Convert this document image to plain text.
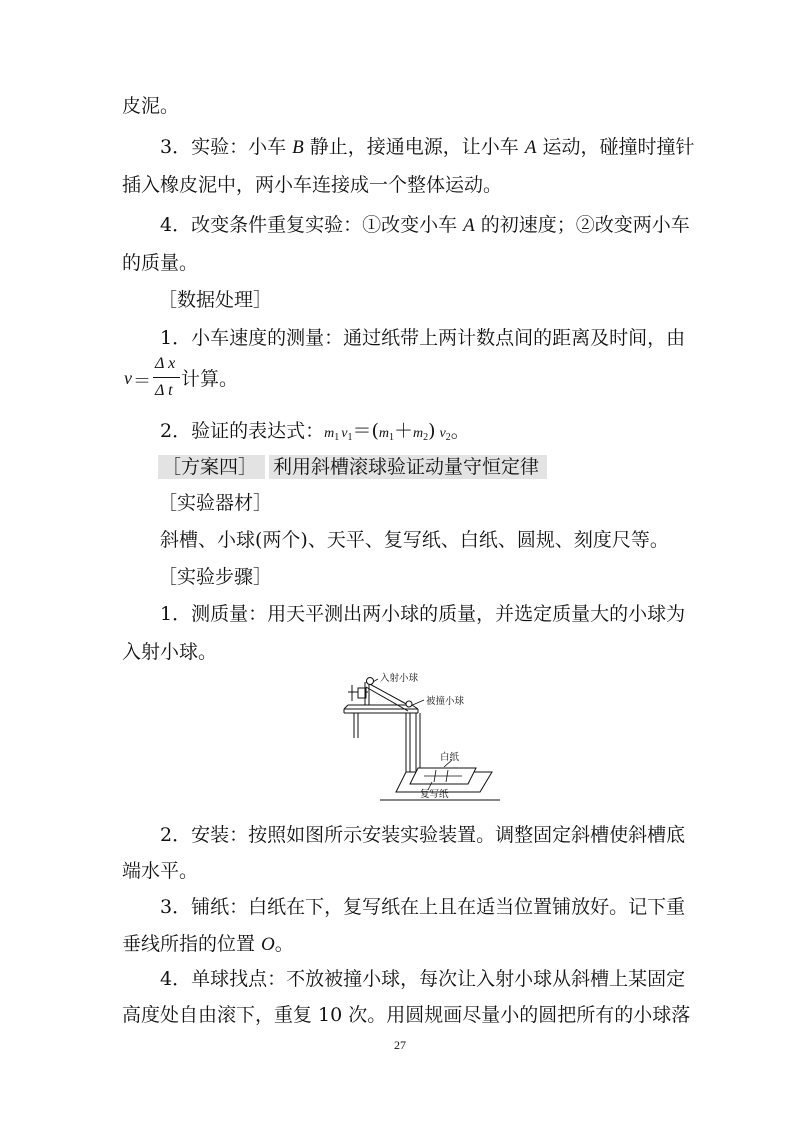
皮泥。
3．实验：小车 B 静止，接通电源，让小车 A 运动，碰撞时撞针
插入橡皮泥中，两小车连接成一个整体运动。
4．改变条件重复实验：①改变小车 A 的初速度；②改变两小车
的质量。
［数据处理］
1．小车速度的测量：通过纸带上两计数点间的距离及时间，由
v ＝
Δ x
Δ t
计算。
2．验证的表达式：$m_1$ $v_1=(m_1+m_2)$ $v_2$。
［方案四］ 利用斜槽滚球验证动量守恒定律
［实验器材］
斜槽、小球(两个)、天平、复写纸、白纸、圆规、刻度尺等。
［实验步骤］
1．测质量：用天平测出两小球的质量，并选定质量大的小球为
入射小球。
入射小球
被撞小球
白纸
复写纸
2．安装：按照如图所示安装实验装置。调整固定斜槽使斜槽底
端水平。
3．铺纸：白纸在下，复写纸在上且在适当位置铺放好。记下重
垂线所指的位置 O。
4．单球找点：不放被撞小球，每次让入射小球从斜槽上某固定
高度处自由滚下，重复 10 次。用圆规画尽量小的圆把所有的小球落
27
